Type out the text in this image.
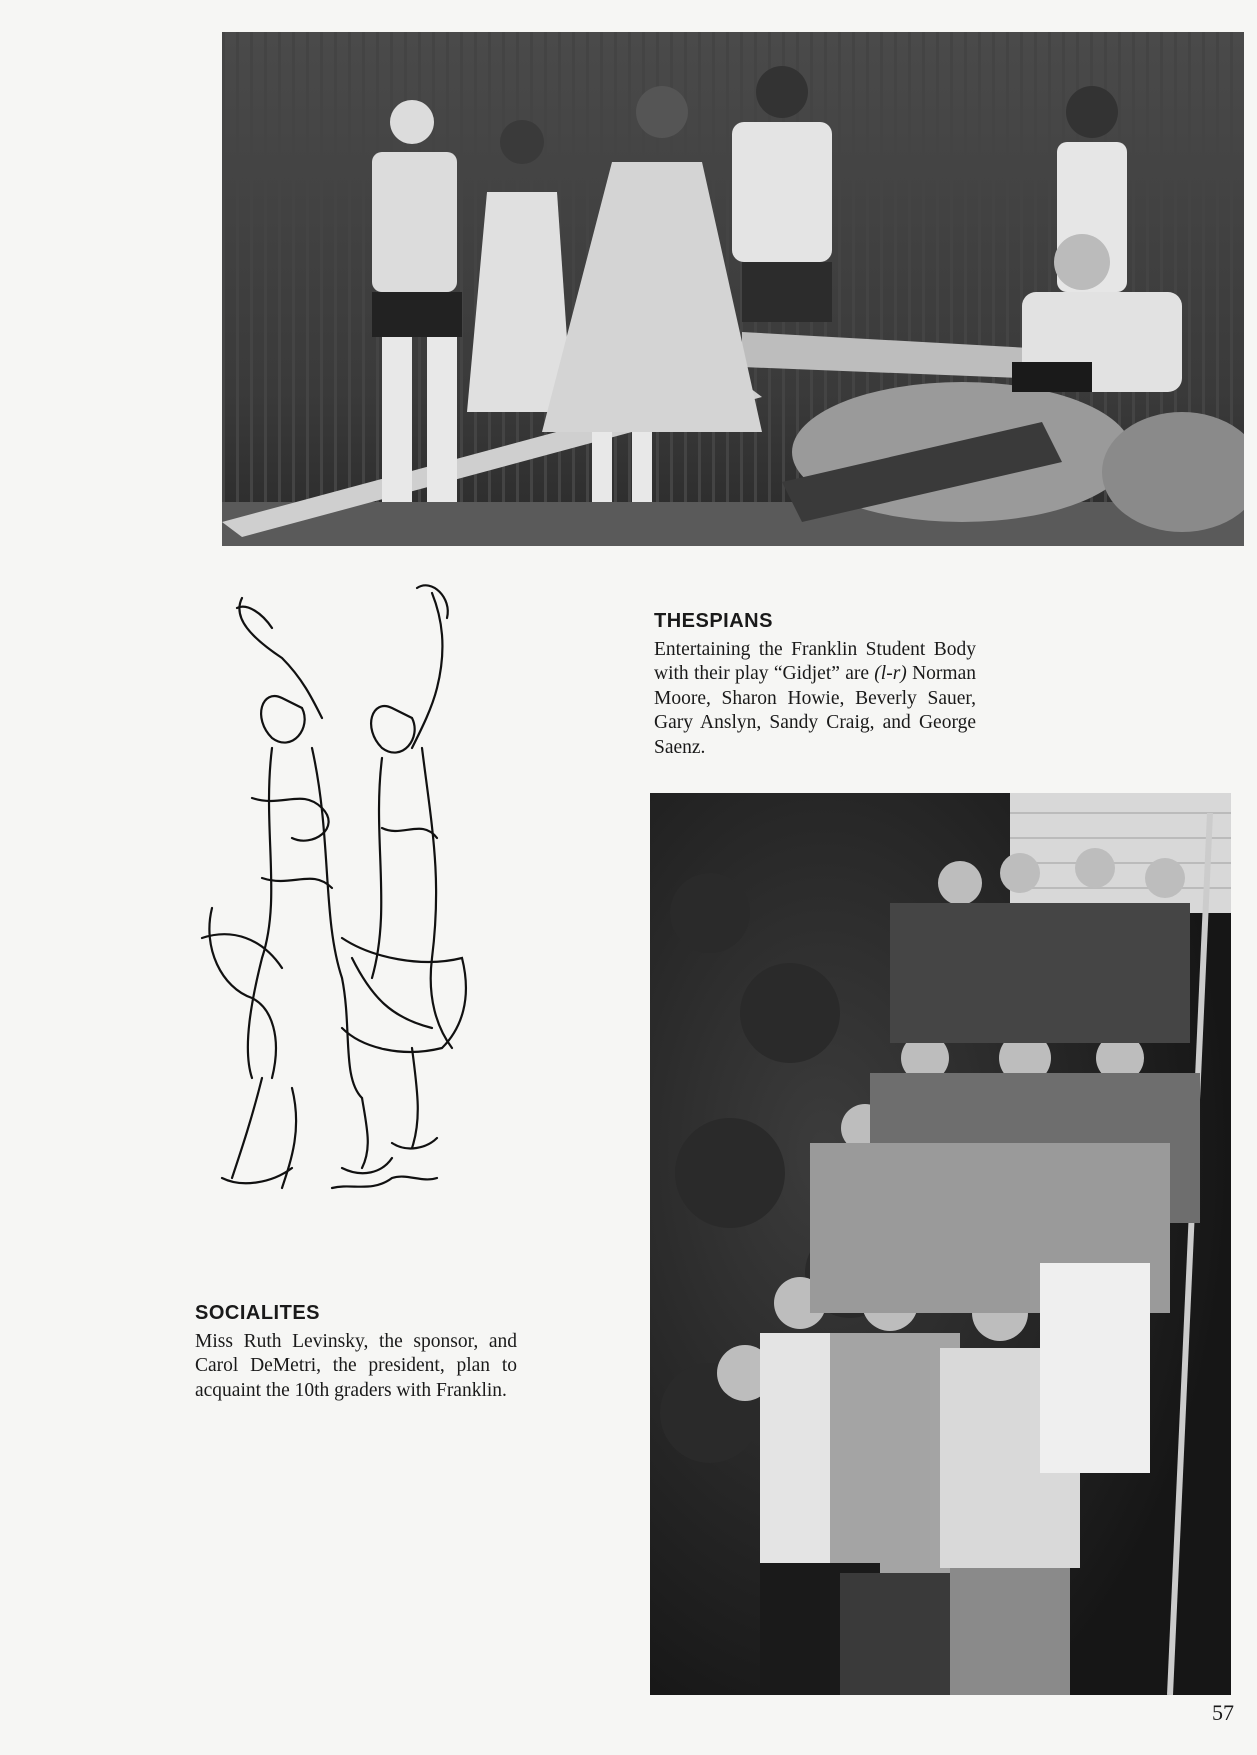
THESPIANS

Entertaining the Franklin Student Body with their play “Gidjet” are (l-r) Norman Moore, Sharon Howie, Beverly Sauer, Gary Anslyn, Sandy Craig, and George Saenz.

SOCIALITES

Miss Ruth Levinsky, the sponsor, and Carol DeMetri, the president, plan to acquaint the 10th graders with Franklin.

57
